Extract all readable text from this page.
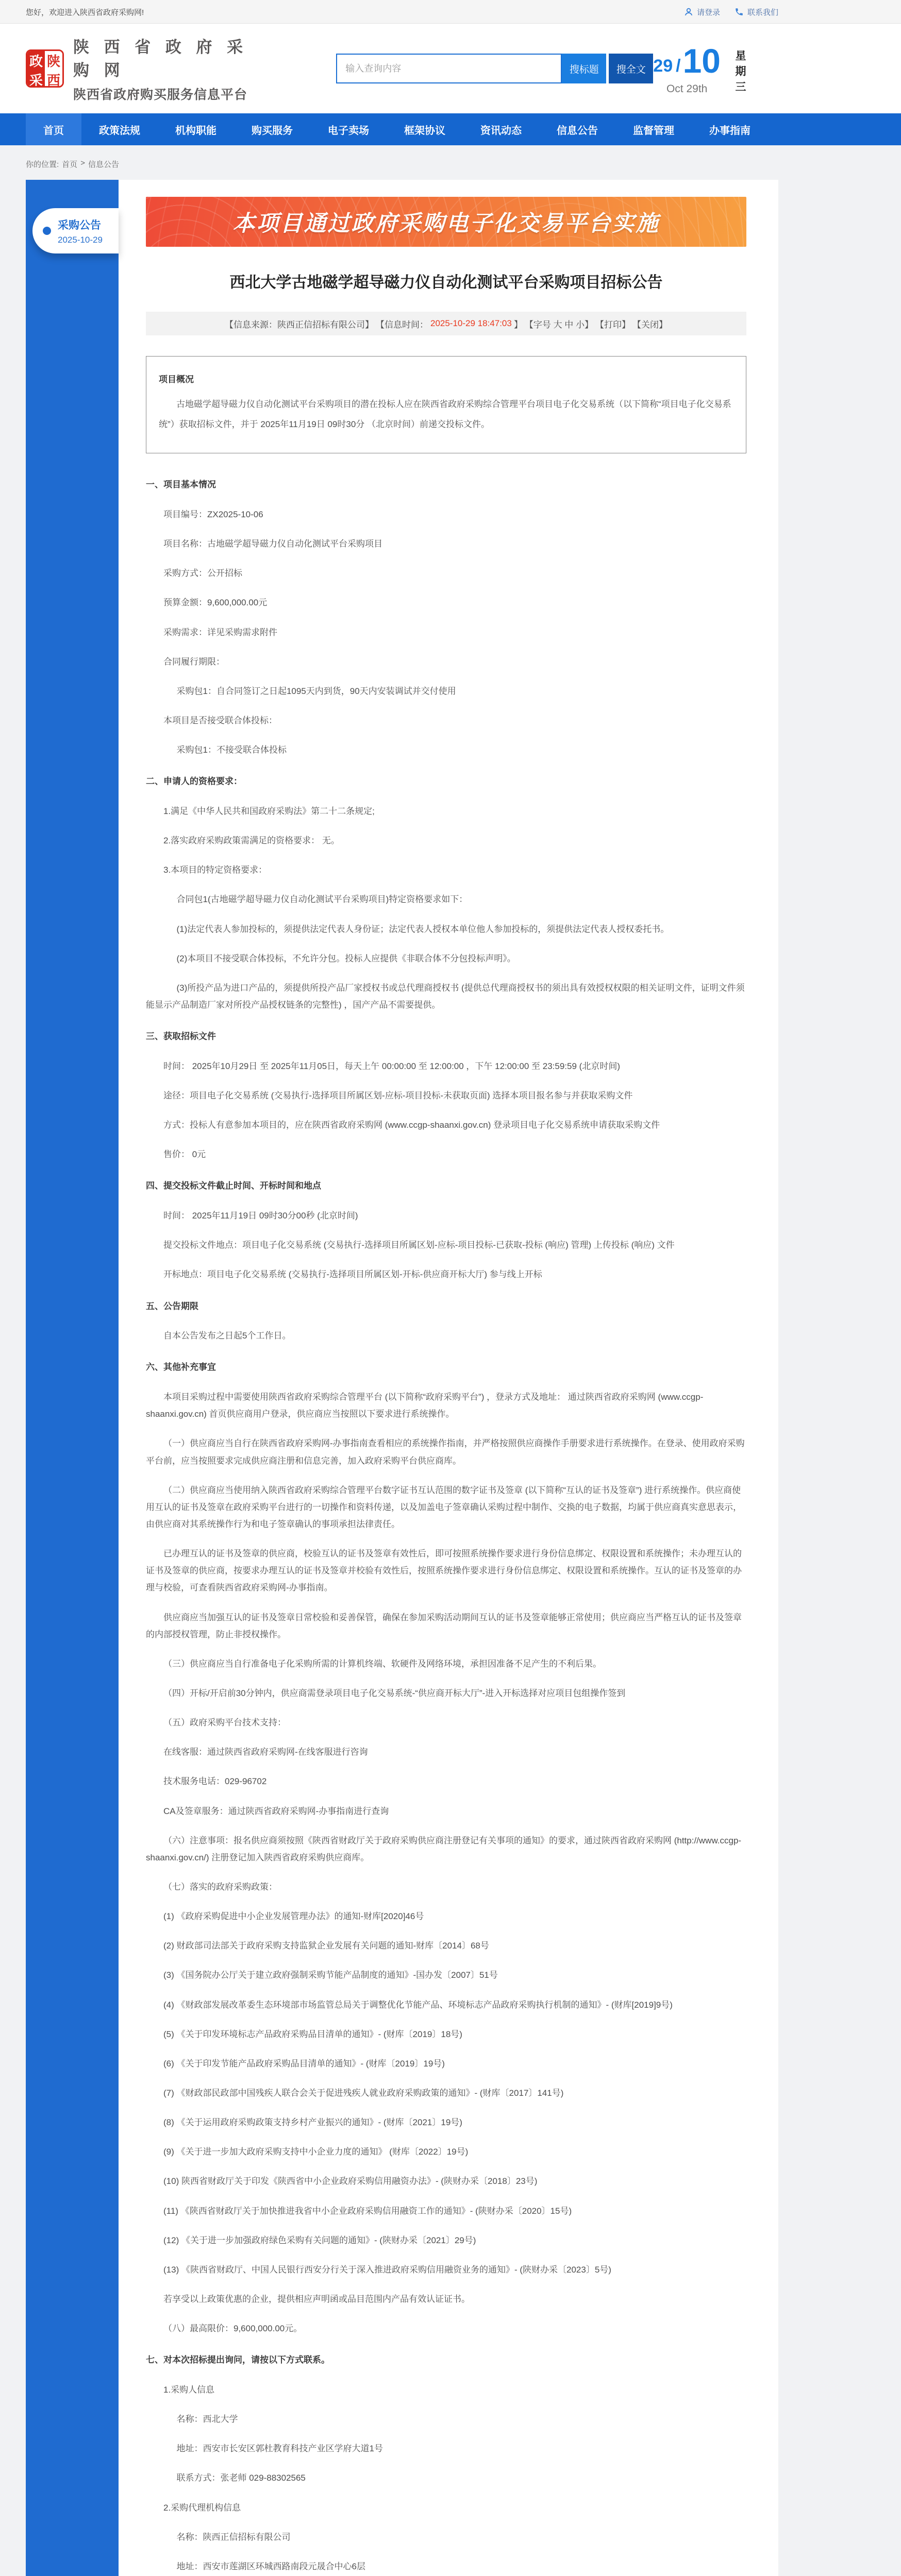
您好，欢迎进入陕西省政府采购网!	请登录	联系我们
政
采
陕
西
陕 西 省 政 府 采 购 网
陕西省政府购买服务信息平台
输入查询内容
搜标题	搜全文 29 / 10
Oct 29th	星期三
首页	政策法规	机构职能	购买服务	电子卖场	框架协议	资讯动态	信息公告	监督管理	办事指南
你的位置: 首页 > 信息公告
采购公告
2025-10-29
本项目通过政府采购电子化交易平台实施
西北大学古地磁学超导磁力仪自动化测试平台采购项目招标公告
【信息来源：陕西正信招标有限公司】 【信息时间： 2025-10-29 18:47:03 】 【字号 大 中 小】 【打印】 【关闭】
项目概况
古地磁学超导磁力仪自动化测试平台采购项目的潜在投标人应在陕西省政府采购综合管理平台项目电子化交易系统（以下简称“项目电子化交易系统”）获取招标文件，并于 2025年11月19日 09时30分 （北京时间）前递交投标文件。

一、项目基本情况

项目编号：ZX2025-10-06

项目名称：古地磁学超导磁力仪自动化测试平台采购项目

采购方式：公开招标

预算金额：9,600,000.00元

采购需求：详见采购需求附件

合同履行期限：

采购包1：自合同签订之日起1095天内到货，90天内安装调试并交付使用

本项目是否接受联合体投标：

采购包1：不接受联合体投标

二、申请人的资格要求：

1.满足《中华人民共和国政府采购法》第二十二条规定;

2.落实政府采购政策需满足的资格要求： 无。

3.本项目的特定资格要求：

合同包1(古地磁学超导磁力仪自动化测试平台采购项目)特定资格要求如下：

(1)法定代表人参加投标的，须提供法定代表人身份证；法定代表人授权本单位他人参加投标的，须提供法定代表人授权委托书。

(2)本项目不接受联合体投标，不允许分包。投标人应提供《非联合体不分包投标声明》。

(3)所投产品为进口产品的，须提供所投产品厂家授权书或总代理商授权书 (提供总代理商授权书的须出具有效授权权限的相关证明文件，证明文件须能显示产品制造厂家对所投产品授权链条的完整性) ，国产产品不需要提供。

三、获取招标文件

时间： 2025年10月29日 至 2025年11月05日，每天上午 00:00:00 至 12:00:00 ，下午 12:00:00 至 23:59:59 (北京时间)

途径：项目电子化交易系统 (交易执行-选择项目所属区划-应标-项目投标-未获取页面) 选择本项目报名参与并获取采购文件

方式：投标人有意参加本项目的，应在陕西省政府采购网 (www.ccgp-shaanxi.gov.cn) 登录项目电子化交易系统申请获取采购文件

售价： 0元

四、提交投标文件截止时间、开标时间和地点

时间： 2025年11月19日 09时30分00秒 (北京时间)

提交投标文件地点：项目电子化交易系统 (交易执行-选择项目所属区划-应标-项目投标-已获取-投标 (响应) 管理) 上传投标 (响应) 文件

开标地点：项目电子化交易系统 (交易执行-选择项目所属区划-开标-供应商开标大厅) 参与线上开标

五、公告期限

自本公告发布之日起5个工作日。

六、其他补充事宜

本项目采购过程中需要使用陕西省政府采购综合管理平台 (以下简称“政府采购平台”) ，登录方式及地址： 通过陕西省政府采购网 (www.ccgp-shaanxi.gov.cn) 首页供应商用户登录，供应商应当按照以下要求进行系统操作。

（一）供应商应当自行在陕西省政府采购网-办事指南查看相应的系统操作指南，并严格按照供应商操作手册要求进行系统操作。在登录、使用政府采购平台前，应当按照要求完成供应商注册和信息完善，加入政府采购平台供应商库。

（二）供应商应当使用纳入陕西省政府采购综合管理平台数字证书互认范围的数字证书及签章 (以下简称“互认的证书及签章”) 进行系统操作。供应商使用互认的证书及签章在政府采购平台进行的一切操作和资料传递，以及加盖电子签章确认采购过程中制作、交换的电子数据，均属于供应商真实意思表示，由供应商对其系统操作行为和电子签章确认的事项承担法律责任。

已办理互认的证书及签章的供应商，校验互认的证书及签章有效性后，即可按照系统操作要求进行身份信息绑定、权限设置和系统操作；未办理互认的证书及签章的供应商，按要求办理互认的证书及签章并校验有效性后，按照系统操作要求进行身份信息绑定、权限设置和系统操作。互认的证书及签章的办理与校验，可查看陕西省政府采购网-办事指南。

供应商应当加强互认的证书及签章日常校验和妥善保管，确保在参加采购活动期间互认的证书及签章能够正常使用；供应商应当严格互认的证书及签章的内部授权管理，防止非授权操作。

（三）供应商应当自行准备电子化采购所需的计算机终端、软硬件及网络环境，承担因准备不足产生的不利后果。

（四）开标/开启前30分钟内，供应商需登录项目电子化交易系统-“供应商开标大厅”-进入开标选择对应项目包组操作签到

（五）政府采购平台技术支持：

在线客服：通过陕西省政府采购网-在线客服进行咨询

技术服务电话：029-96702

CA及签章服务：通过陕西省政府采购网-办事指南进行查询

（六）注意事项：报名供应商须按照《陕西省财政厅关于政府采购供应商注册登记有关事项的通知》的要求，通过陕西省政府采购网 (http://www.ccgp-shaanxi.gov.cn/) 注册登记加入陕西省政府采购供应商库。

（七）落实的政府采购政策：

(1) 《政府采购促进中小企业发展管理办法》的通知-财库[2020]46号

(2) 财政部司法部关于政府采购支持监狱企业发展有关问题的通知-财库〔2014〕68号

(3) 《国务院办公厅关于建立政府强制采购节能产品制度的通知》-国办发〔2007〕51号

(4) 《财政部发展改革委生态环境部市场监管总局关于调整优化节能产品、环境标志产品政府采购执行机制的通知》- (财库[2019]9号)

(5) 《关于印发环境标志产品政府采购品目清单的通知》- (财库〔2019〕18号)

(6) 《关于印发节能产品政府采购品目清单的通知》- (财库〔2019〕19号)

(7) 《财政部民政部中国残疾人联合会关于促进残疾人就业政府采购政策的通知》- (财库〔2017〕141号)

(8) 《关于运用政府采购政策支持乡村产业振兴的通知》- (财库〔2021〕19号)

(9) 《关于进一步加大政府采购支持中小企业力度的通知》 (财库〔2022〕19号)

(10) 陕西省财政厅关于印发《陕西省中小企业政府采购信用融资办法》- (陕财办采〔2018〕23号)

(11) 《陕西省财政厅关于加快推进我省中小企业政府采购信用融资工作的通知》- (陕财办采〔2020〕15号)

(12) 《关于进一步加强政府绿色采购有关问题的通知》- (陕财办采〔2021〕29号)

(13) 《陕西省财政厅、中国人民银行西安分行关于深入推进政府采购信用融资业务的通知》- (陕财办采〔2023〕5号)

若享受以上政策优惠的企业，提供相应声明函或品目范围内产品有效认证证书。

（八）最高限价：9,600,000.00元。

七、对本次招标提出询问，请按以下方式联系。

1.采购人信息

名称：西北大学

地址：西安市长安区郭杜教育科技产业区学府大道1号

联系方式：张老师 029-88302565

2.采购代理机构信息

名称：陕西正信招标有限公司

地址：西安市莲湖区环城西路南段元晟合中心6层
